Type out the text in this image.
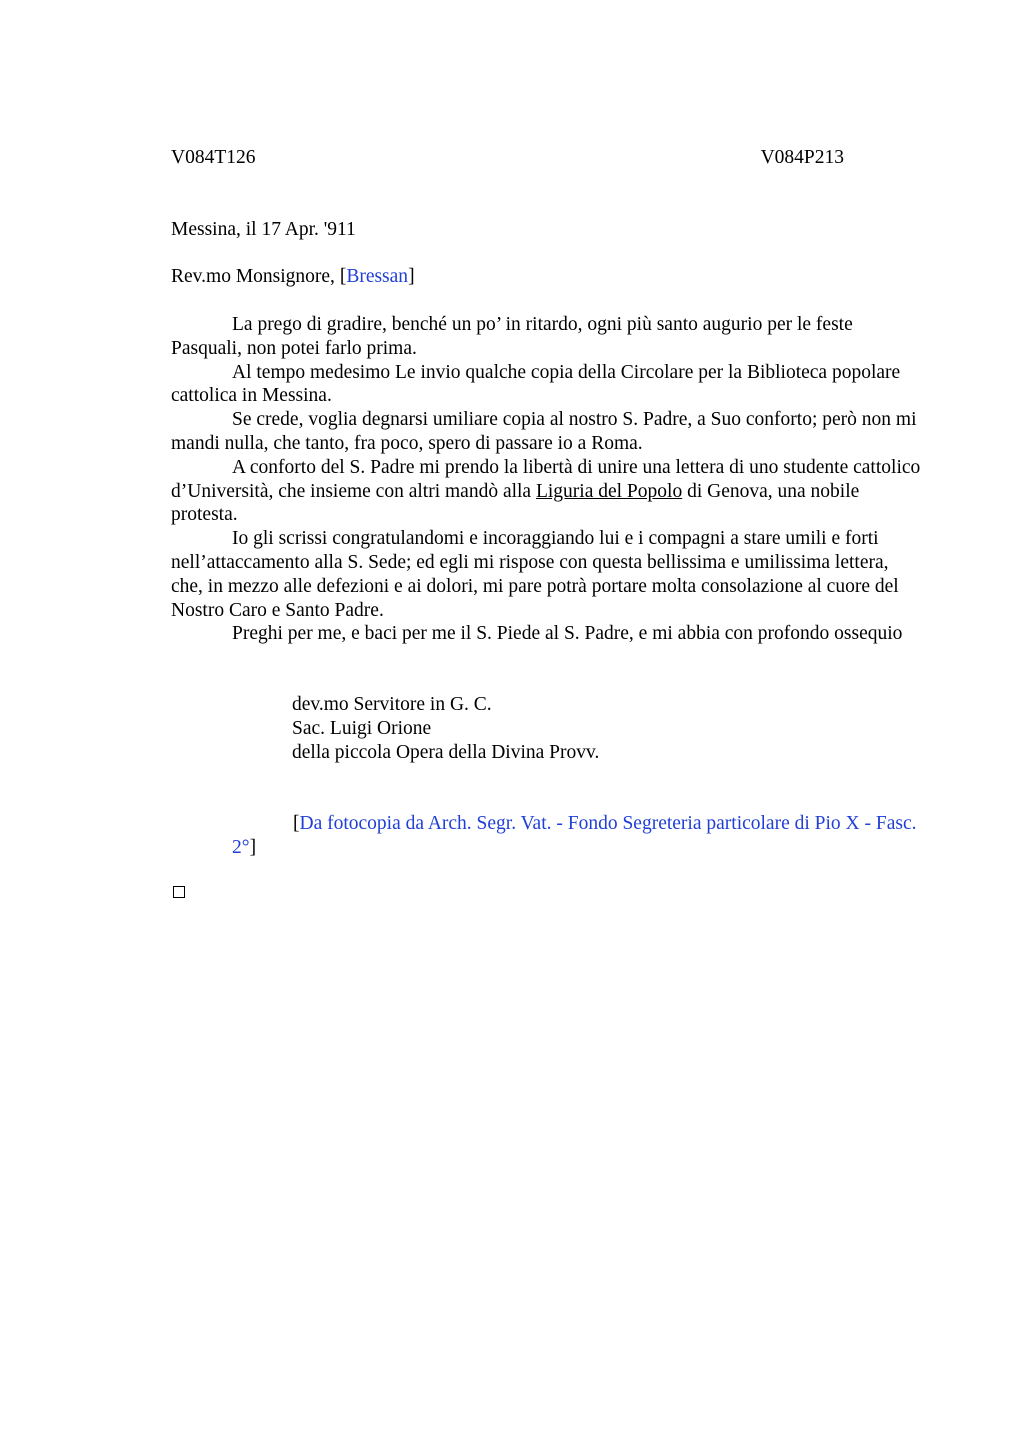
V084T126	V084P213
Messina, il 17 Apr. '911
Rev.mo Monsignore, [Bressan]

La prego di gradire, benché un po’ in ritardo, ogni più santo augurio per le feste Pasquali, non potei farlo prima.

Al tempo medesimo Le invio qualche copia della Circolare per la Biblioteca popolare cattolica in Messina.

Se crede, voglia degnarsi umiliare copia al nostro S. Padre, a Suo conforto; però non mi mandi nulla, che tanto, fra poco, spero di passare io a Roma.

A conforto del S. Padre mi prendo la libertà di unire una lettera di uno studente cattolico d’Università, che insieme con altri mandò alla Liguria del Popolo di Genova, una nobile protesta.

Io gli scrissi congratulandomi e incoraggiando lui e i compagni a stare umili e forti nell’attaccamento alla S. Sede; ed egli mi rispose con questa bellissima e umilissima lettera, che, in mezzo alle defezioni e ai dolori, mi pare potrà portare molta consolazione al cuore del Nostro Caro e Santo Padre.

Preghi per me, e baci per me il S. Piede al S. Padre, e mi abbia con profondo ossequio

dev.mo Servitore in G. C.
Sac. Luigi Orione
della piccola Opera della Divina Provv.
[Da fotocopia da Arch. Segr. Vat. - Fondo Segreteria particolare di Pio X - Fasc. 2°]
